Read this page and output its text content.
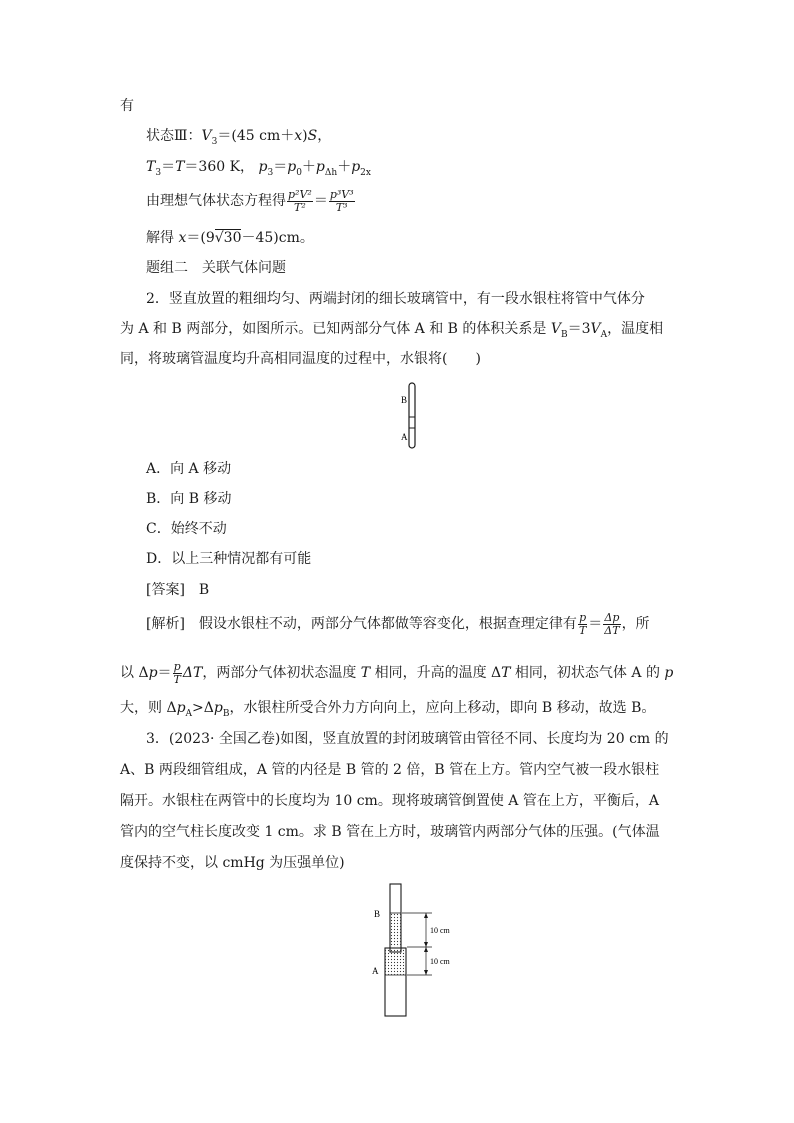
有
状态Ⅲ：$V_3=(45$ cm＋x)S，
$T_3=T=360$ K， $p_3=p_0+p_{\Delta h}+p_{2x}$
由理想气体状态方程得 $\frac{\text{p²V²}}{\text{T²}} = \frac{\text{p³V³}}{\text{T³}}$
解得 x＝(9√30－45)cm。
题组二　关联气体问题
2．竖直放置的粗细均匀、两端封闭的细长玻璃管中，有一段水银柱将管中气体分
为 A 和 B 两部分，如图所示。已知两部分气体 A 和 B 的体积关系是 $V_B=3V_A$，温度相
同，将玻璃管温度均升高相同温度的过程中，水银将(　　)
B
A
A．向 A 移动
B．向 B 移动
C．始终不动
D．以上三种情况都有可能
[答案]　B
[解析]　假设水银柱不动，两部分气体都做等容变化，根据查理定律有 $\frac{p}{T} = \frac{\Delta p}{\Delta T}$ ，所
以 $\Delta p= \frac{p}{T}$ ΔT，两部分气体初状态温度 T 相同，升高的温度 ΔT 相同，初状态气体 A 的 p
大，则 $\Delta p_A>\Delta p_B$，水银柱所受合外力方向向上，应向上移动，即向 B 移动，故选 B。
3．(2023· 全国乙卷)如图，竖直放置的封闭玻璃管由管径不同、长度均为 20 cm 的
A、B 两段细管组成，A 管的内径是 B 管的 2 倍，B 管在上方。管内空气被一段水银柱
隔开。水银柱在两管中的长度均为 10 cm。现将玻璃管倒置使 A 管在上方，平衡后，A
管内的空气柱长度改变 1 cm。求 B 管在上方时，玻璃管内两部分气体的压强。(气体温
度保持不变，以 cmHg 为压强单位)
B
A
10 cm
10 cm
